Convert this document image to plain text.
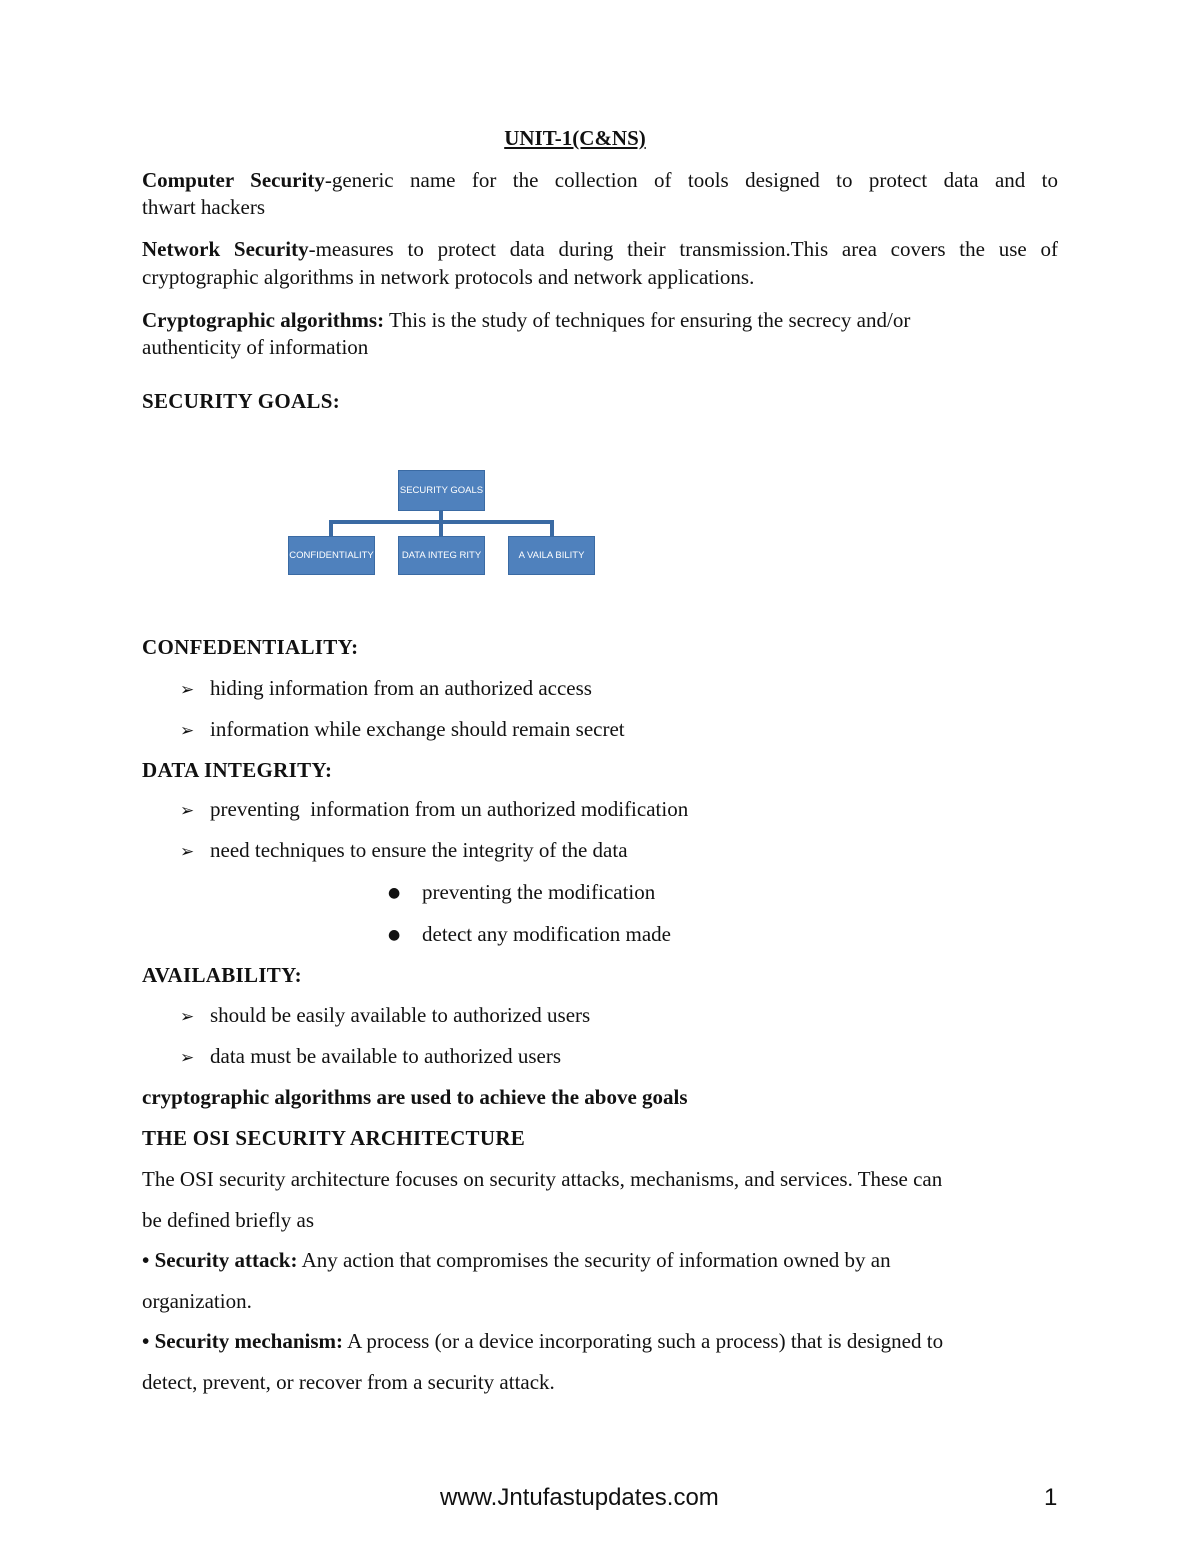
UNIT-1(C&NS)
Computer Security-generic name for the collection of tools designed to protect data and to
thwart hackers
Network Security-measures to protect data during their transmission.This area covers the use of
cryptographic algorithms in network protocols and network applications.
Cryptographic algorithms: This is the study of techniques for ensuring the secrecy and/or
authenticity of information
SECURITY GOALS:
SECURITY GOALS
CONFIDENTIALITY	DATA INTEG RITY	A VAILA BILITY
CONFEDENTIALITY:
➢ hiding information from an authorized access
➢ information while exchange should remain secret
DATA INTEGRITY:
➢ preventing  information from un authorized modification
➢ need techniques to ensure the integrity of the data
● preventing the modification
● detect any modification made
AVAILABILITY:
➢ should be easily available to authorized users
➢ data must be available to authorized users
cryptographic algorithms are used to achieve the above goals
THE OSI SECURITY ARCHITECTURE
The OSI security architecture focuses on security attacks, mechanisms, and services. These can
be defined briefly as
• Security attack: Any action that compromises the security of information owned by an
organization.
• Security mechanism: A process (or a device incorporating such a process) that is designed to
detect, prevent, or recover from a security attack.
www.Jntufastupdates.com	1
